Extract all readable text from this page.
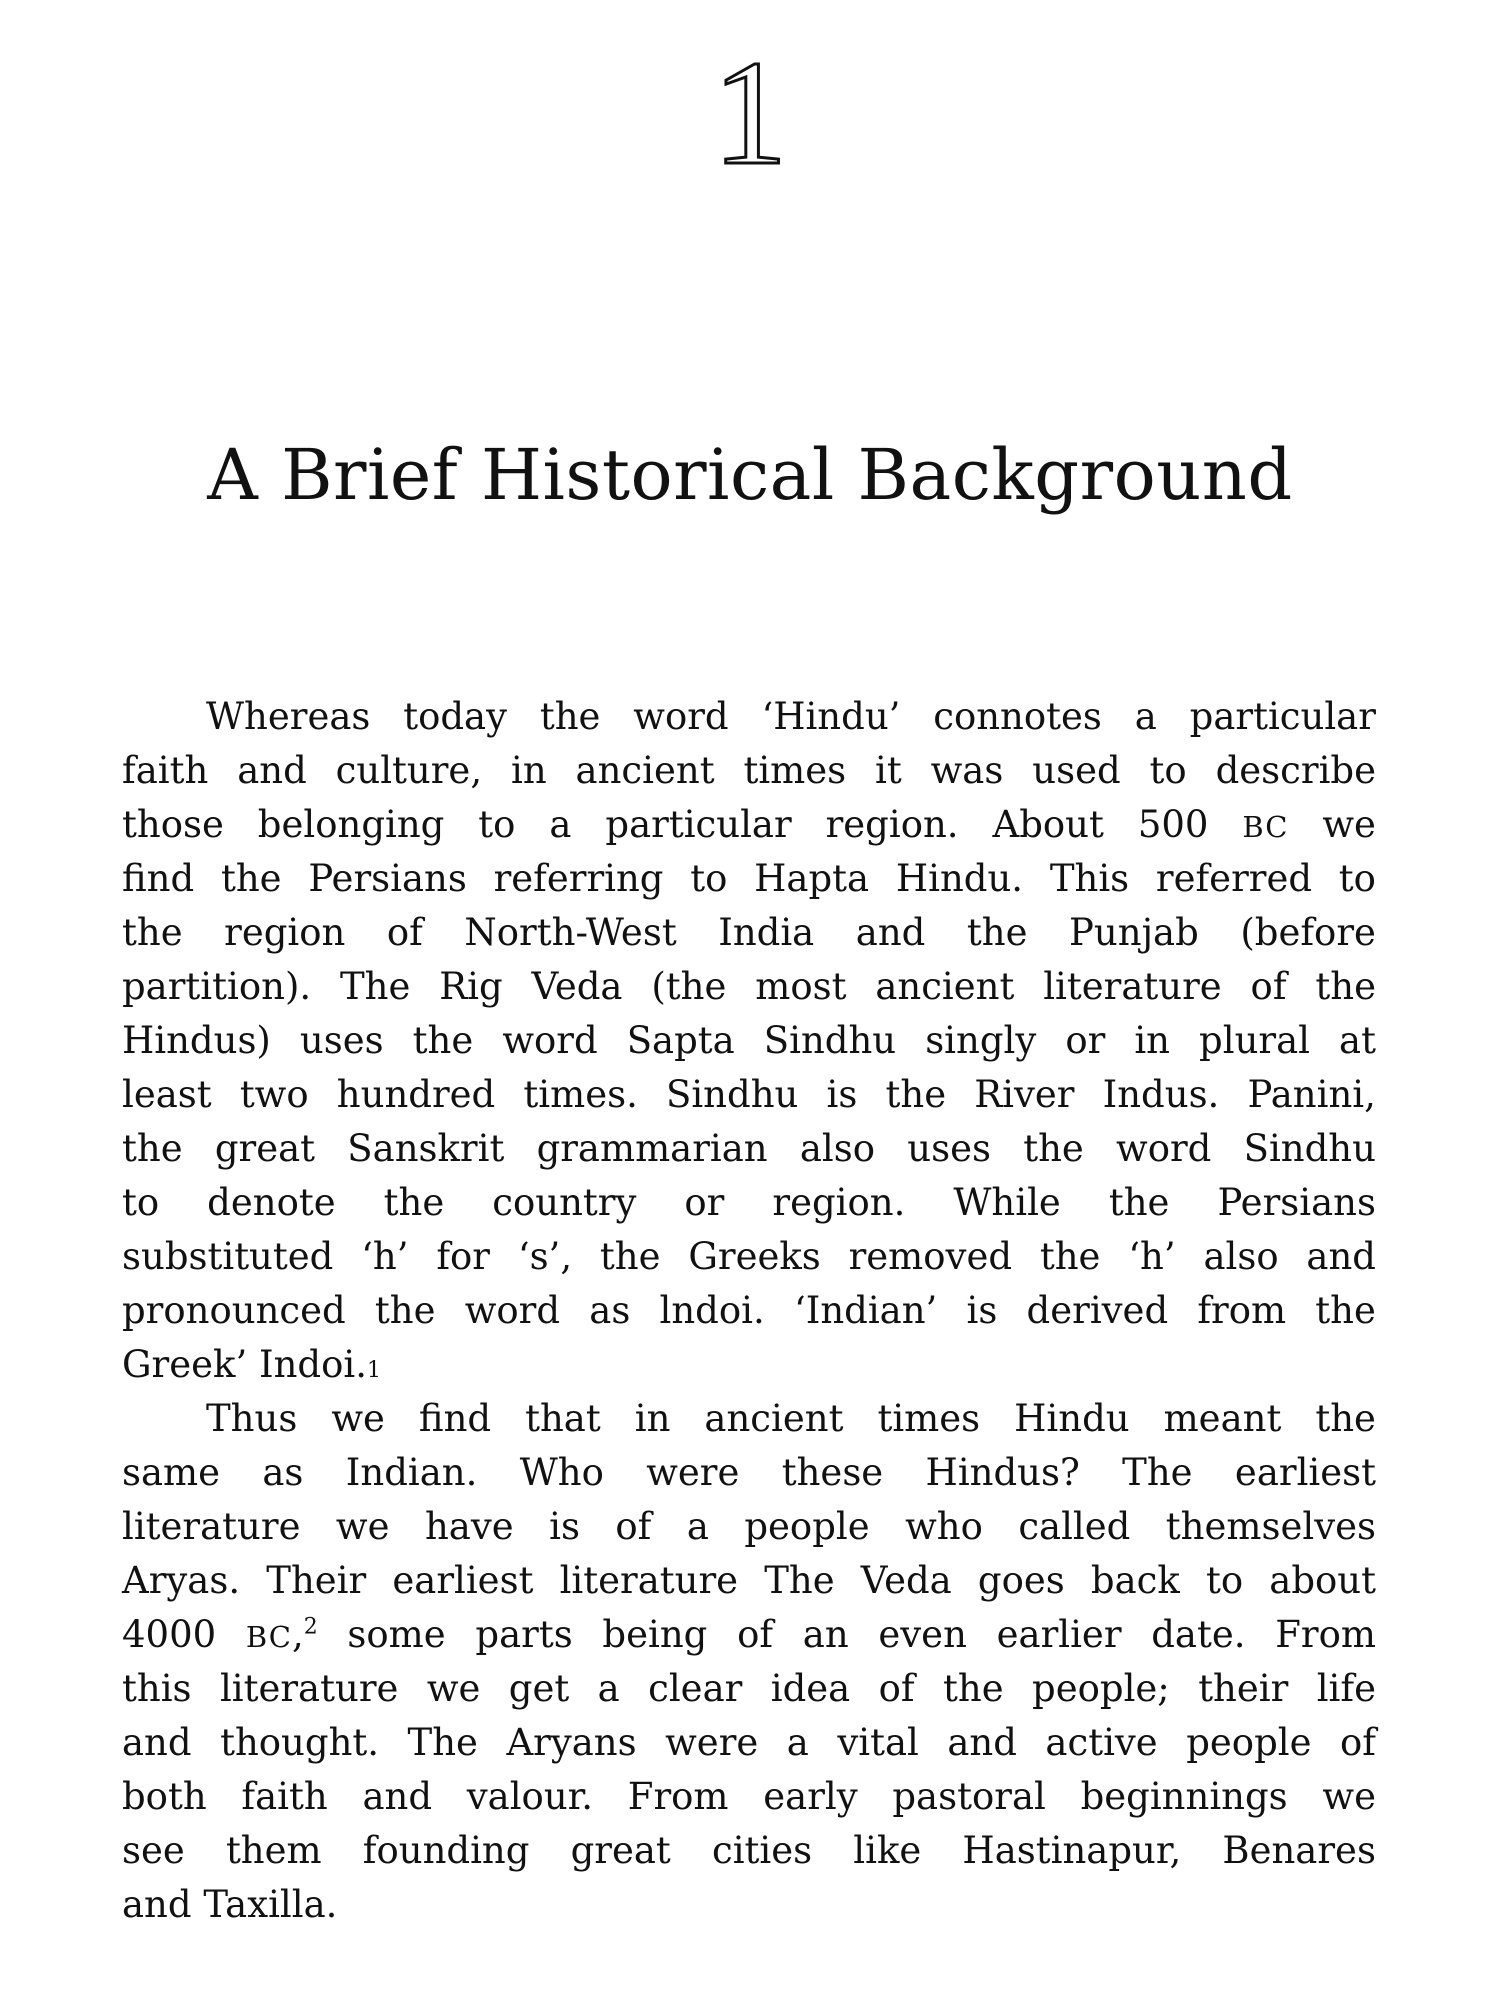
1
A Brief Historical Background
Whereas today the word ‘Hindu’ connotes a particular
faith and culture, in ancient times it was used to describe
those belonging to a particular region. About 500 BC we
find the Persians referring to Hapta Hindu. This referred to
the region of North-West India and the Punjab (before
partition). The Rig Veda (the most ancient literature of the
Hindus) uses the word Sapta Sindhu singly or in plural at
least two hundred times. Sindhu is the River Indus. Panini,
the great Sanskrit grammarian also uses the word Sindhu
to denote the country or region. While the Persians
substituted ‘h’ for ‘s’, the Greeks removed the ‘h’ also and
pronounced the word as lndoi. ‘Indian’ is derived from the
Greek’ Indoi. 1
Thus we find that in ancient times Hindu meant the
same as Indian. Who were these Hindus? The earliest
literature we have is of a people who called themselves
Aryas. Their earliest literature The Veda goes back to about
4000 BC,$^2$ some parts being of an even earlier date. From
this literature we get a clear idea of the people; their life
and thought. The Aryans were a vital and active people of
both faith and valour. From early pastoral beginnings we
see them founding great cities like Hastinapur, Benares
and Taxilla.
